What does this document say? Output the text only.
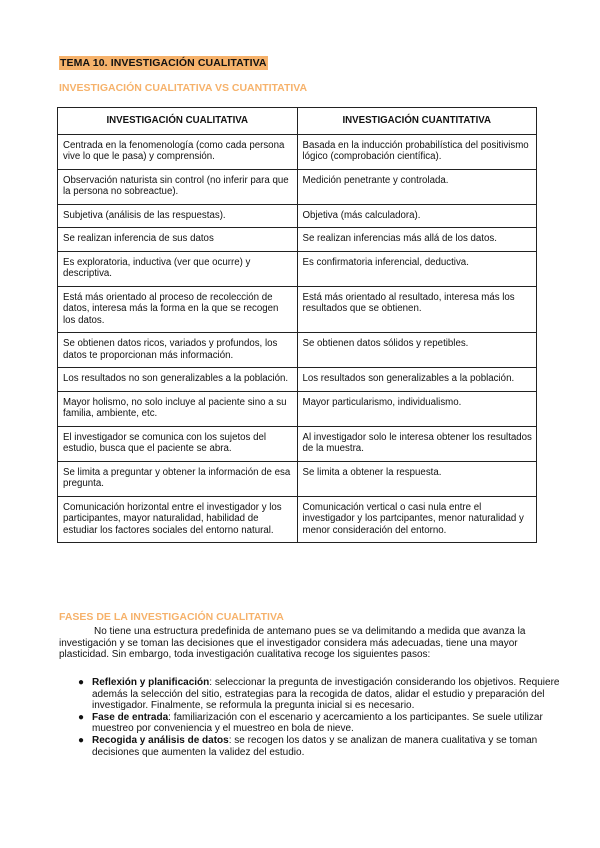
TEMA 10. INVESTIGACIÓN CUALITATIVA
INVESTIGACIÓN CUALITATIVA VS CUANTITATIVA
INVESTIGACIÓN CUALITATIVA	INVESTIGACIÓN CUANTITATIVA
Centrada en la fenomenología (como cada persona vive lo que le pasa) y comprensión.	Basada en la inducción probabilística del positivismo lógico (comprobación científica).
Observación naturista sin control (no inferir para que la persona no sobreactue).	Medición penetrante y controlada.
Subjetiva (análisis de las respuestas).	Objetiva (más calculadora).
Se realizan inferencia de sus datos	Se realizan inferencias más allá de los datos.
Es exploratoria, inductiva (ver que ocurre) y descriptiva.	Es confirmatoria inferencial, deductiva.
Está más orientado al proceso de recolección de datos, interesa más la forma en la que se recogen los datos.	Está más orientado al resultado, interesa más los resultados que se obtienen.
Se obtienen datos ricos, variados y profundos, los datos te proporcionan más información.	Se obtienen datos sólidos y repetibles.
Los resultados no son generalizables a la población.	Los resultados son generalizables a la población.
Mayor holismo, no solo incluye al paciente sino a su familia, ambiente, etc.	Mayor particularismo, individualismo.
El investigador se comunica con los sujetos del estudio, busca que el paciente se abra.	Al investigador solo le interesa obtener los resultados de la muestra.
Se limita a preguntar y obtener la información de esa pregunta.	Se limita a obtener la respuesta.
Comunicación horizontal entre el investigador y los participantes, mayor naturalidad, habilidad de estudiar los factores sociales del entorno natural.	Comunicación vertical o casi nula entre el investigador y los partcipantes, menor naturalidad y menor consideración del entorno.
FASES DE LA INVESTIGACIÓN CUALITATIVA
No tiene una estructura predefinida de antemano pues se va delimitando a medida que avanza la investigación y se toman las decisiones que el investigador considera más adecuadas, tiene una mayor plasticidad. Sin embargo, toda investigación cualitativa recoge los siguientes pasos:
● Reflexión y planificación: seleccionar la pregunta de investigación considerando los objetivos. Requiere además la selección del sitio, estrategias para la recogida de datos, alidar el estudio y preparación del investigador. Finalmente, se reformula la pregunta inicial si es necesario.
● Fase de entrada: familiarización con el escenario y acercamiento a los participantes. Se suele utilizar muestreo por conveniencia y el muestreo en bola de nieve.
● Recogida y análisis de datos: se recogen los datos y se analizan de manera cualitativa y se toman decisiones que aumenten la validez del estudio.
